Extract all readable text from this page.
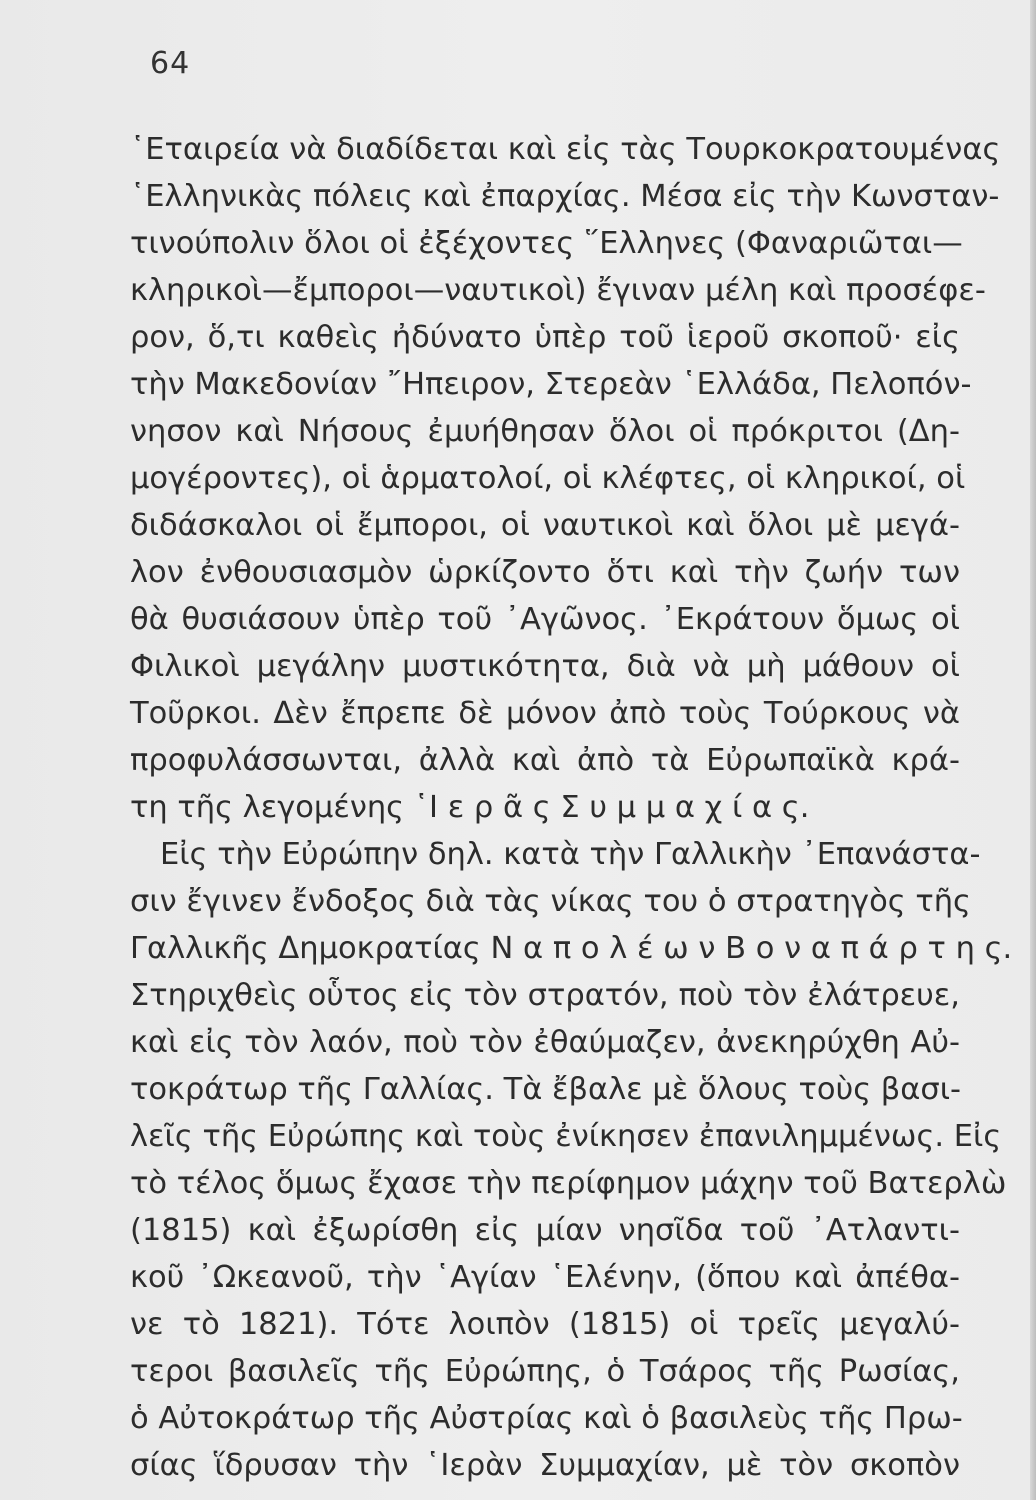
64
῾Εταιρεία νὰ διαδίδεται καὶ εἰς τὰς Τουρκοκρατουμένας
῾Ελληνικὰς πόλεις καὶ ἐπαρχίας. Μέσα εἰς τὴν Κωνσταν-
τινούπολιν ὅλοι οἱ ἐξέχοντες ῞Ελληνες (Φαναριῶται—
κληρικοὶ—ἔμποροι—ναυτικοὶ) ἔγιναν μέλη καὶ προσέφε-
ρον, ὅ,τι καθεὶς ἠδύνατο ὑπὲρ τοῦ ἱεροῦ σκοποῦ· εἰς
τὴν Μακεδονίαν ῎Ηπειρον, Στερεὰν ῾Ελλάδα, Πελοπόν-
νησον καὶ Νήσους ἐμυήθησαν ὅλοι οἱ πρόκριτοι (Δη-
μογέροντες), οἱ ἁρματολοί, οἱ κλέφτες, οἱ κληρικοί, οἱ
διδάσκαλοι οἱ ἔμποροι, οἱ ναυτικοὶ καὶ ὅλοι μὲ μεγά-
λον ἐνθουσιασμὸν ὡρκίζοντο ὅτι καὶ τὴν ζωήν των
θὰ θυσιάσουν ὑπὲρ τοῦ ᾿Αγῶνος. ᾿Εκράτουν ὅμως οἱ
Φιλικοὶ μεγάλην μυστικότητα, διὰ νὰ μὴ μάθουν οἱ
Τοῦρκοι. Δὲν ἔπρεπε δὲ μόνον ἀπὸ τοὺς Τούρκους νὰ
προφυλάσσωνται, ἀλλὰ καὶ ἀπὸ τὰ Εὐρωπαϊκὰ κρά-
τη τῆς λεγομένης ῾Ι ε ρ ᾶ ς Σ υ μ μ α χ ί α ς.
Εἰς τὴν Εὐρώπην δηλ. κατὰ τὴν Γαλλικὴν ᾿Επανάστα-
σιν ἔγινεν ἔνδοξος διὰ τὰς νίκας του ὁ στρατηγὸς τῆς
Γαλλικῆς Δημοκρατίας Ν α π ο λ έ ω ν Β ο ν α π ά ρ τ η ς.
Στηριχθεὶς οὗτος εἰς τὸν στρατόν, ποὺ τὸν ἐλάτρευε,
καὶ εἰς τὸν λαόν, ποὺ τὸν ἐθαύμαζεν, ἀνεκηρύχθη Αὐ-
τοκράτωρ τῆς Γαλλίας. Τὰ ἔβαλε μὲ ὅλους τοὺς βασι-
λεῖς τῆς Εὐρώπης καὶ τοὺς ἐνίκησεν ἐπανιλημμένως. Εἰς
τὸ τέλος ὅμως ἔχασε τὴν περίφημον μάχην τοῦ Βατερλὼ
(1815) καὶ ἐξωρίσθη εἰς μίαν νησῖδα τοῦ ᾿Ατλαντι-
κοῦ ᾿Ωκεανοῦ, τὴν ῾Αγίαν ῾Ελένην, (ὅπου καὶ ἀπέθα-
νε τὸ 1821). Τότε λοιπὸν (1815) οἱ τρεῖς μεγαλύ-
τεροι βασιλεῖς τῆς Εὐρώπης, ὁ Τσάρος τῆς Ρωσίας,
ὁ Αὐτοκράτωρ τῆς Αὐστρίας καὶ ὁ βασιλεὺς τῆς Πρω-
σίας ἵδρυσαν τὴν ῾Ιερὰν Συμμαχίαν, μὲ τὸν σκοπὸν
